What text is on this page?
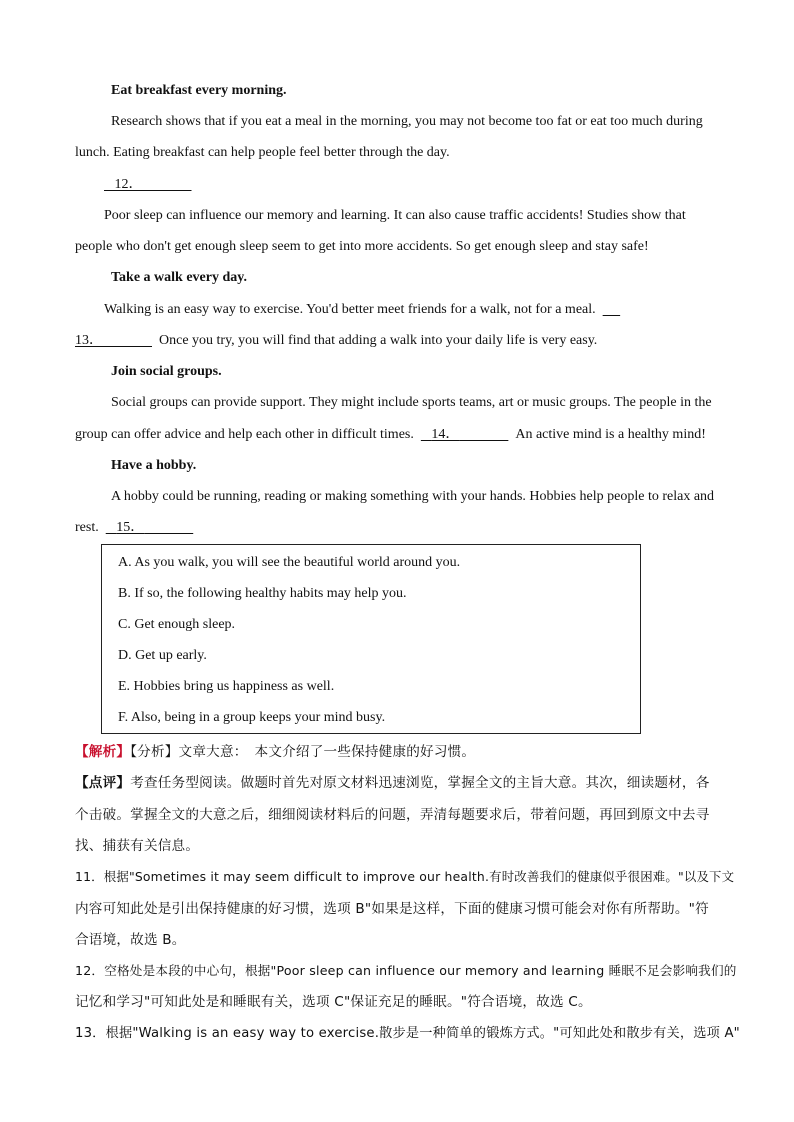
Eat breakfast every morning.
Research shows that if you eat a meal in the morning, you may not become too fat or eat too much during
lunch. Eating breakfast can help people feel better through the day.
12．
Poor sleep can influence our memory and learning. It can also cause traffic accidents! Studies show that
people who don't get enough sleep seem to get into more accidents. So get enough sleep and stay safe!
Take a walk every day.
Walking is an easy way to exercise. You'd better meet friends for a walk, not for a meal.
13．	Once you try, you will find that adding a walk into your daily life is very easy.
Join social groups.
Social groups can provide support. They might include sports teams, art or music groups. The people in the
group can offer advice and help each other in difficult times. 14．	An active mind is a healthy mind!
Have a hobby.
A hobby could be running, reading or making something with your hands. Hobbies help people to relax and
rest. 15．
A. As you walk, you will see the beautiful world around you.
B. If so, the following healthy habits may help you.
C. Get enough sleep.
D. Get up early.
E. Hobbies bring us happiness as well.
F. Also, being in a group keeps your mind busy.
【解析】【分析】文章大意：　本文介绍了一些保持健康的好习惯。
【点评】考查任务型阅读。做题时首先对原文材料迅速浏览，掌握全文的主旨大意。其次，细读题材，各
个击破。掌握全文的大意之后，细细阅读材料后的问题，弄清每题要求后，带着问题，再回到原文中去寻
找、捕获有关信息。
11．根据"Sometimes it may seem difficult to improve our health.有时改善我们的健康似乎很困难。"以及下文
内容可知此处是引出保持健康的好习惯，选项 B"如果是这样，下面的健康习惯可能会对你有所帮助。"符
合语境，故选 B。
12．空格处是本段的中心句，根据"Poor sleep can influence our memory and learning 睡眠不足会影响我们的
记忆和学习"可知此处是和睡眠有关，选项 C"保证充足的睡眠。"符合语境，故选 C。
13．根据"Walking is an easy way to exercise.散步是一种简单的锻炼方式。"可知此处和散步有关，选项 A"
